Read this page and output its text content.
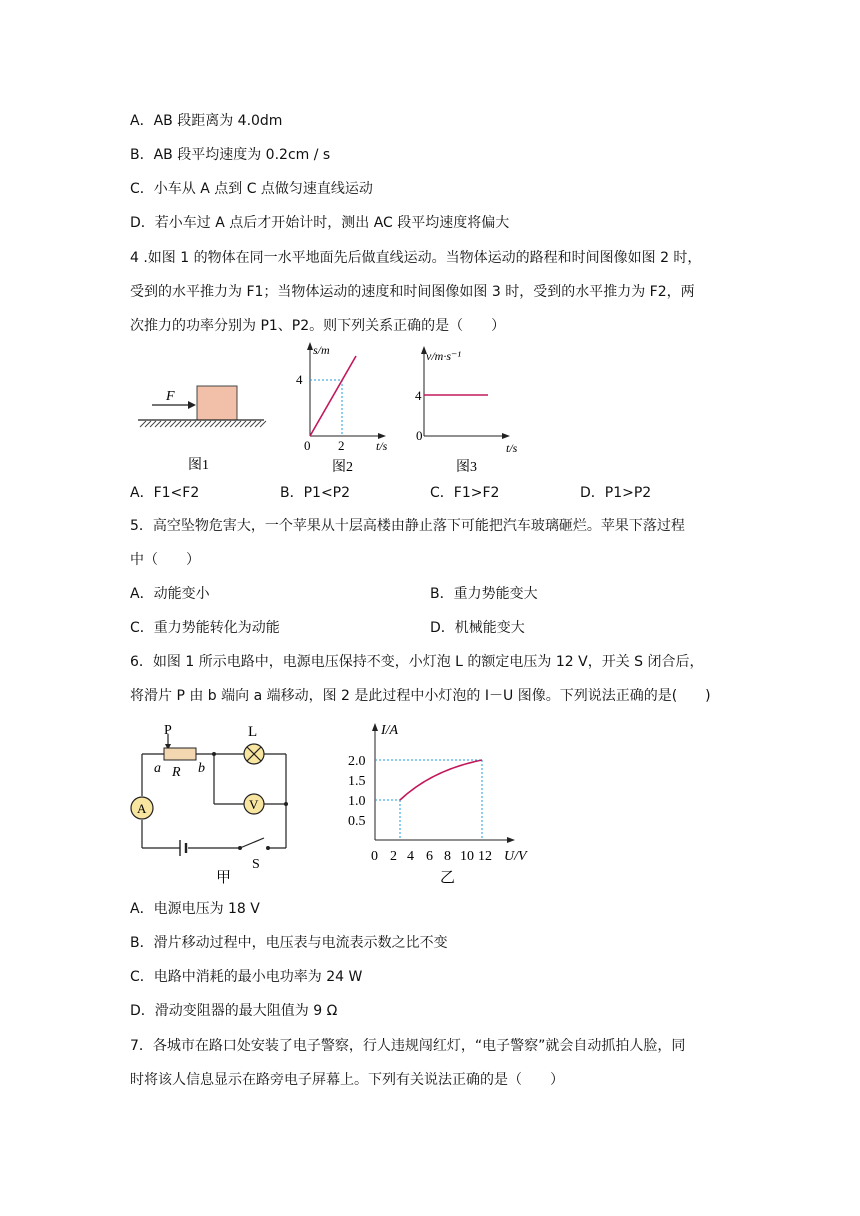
A．AB 段距离为 4.0dm
B．AB 段平均速度为 0.2cm / s
C．小车从 A 点到 C 点做匀速直线运动
D．若小车过 A 点后才开始计时，测出 AC 段平均速度将偏大
4 .如图 1 的物体在同一水平地面先后做直线运动。当物体运动的路程和时间图像如图 2 时，
受到的水平推力为 F1；当物体运动的速度和时间图像如图 3 时，受到的水平推力为 F2，两
次推力的功率分别为 P1、P2。则下列关系正确的是（　　）
F
图1
s/m
t/s
4
2
0
图2
v/m·s⁻¹
t/s
4
0
图3
A．F1<F2	B．P1<P2	C．F1>F2	D．P1>P2
5．高空坠物危害大，一个苹果从十层高楼由静止落下可能把汽车玻璃砸烂。苹果下落过程
中（　　）
A．动能变小	B．重力势能变大
C．重力势能转化为动能	D．机械能变大
6．如图 1 所示电路中，电源电压保持不变，小灯泡 L 的额定电压为 12 V，开关 S 闭合后，
将滑片 P 由 b 端向 a 端移动，图 2 是此过程中小灯泡的 I－U 图像。下列说法正确的是(　　)
P	L
a R b
A	V
S
甲
I/A
U/V
2.0
1.5
1.0
0.5
0 2 4 6 8 10 12
乙
A．电源电压为 18 V
B．滑片移动过程中，电压表与电流表示数之比不变
C．电路中消耗的最小电功率为 24 W
D．滑动变阻器的最大阻值为 9 Ω
7．各城市在路口处安装了电子警察，行人违规闯红灯，“电子警察”就会自动抓拍人脸，同
时将该人信息显示在路旁电子屏幕上。下列有关说法正确的是（　　）
